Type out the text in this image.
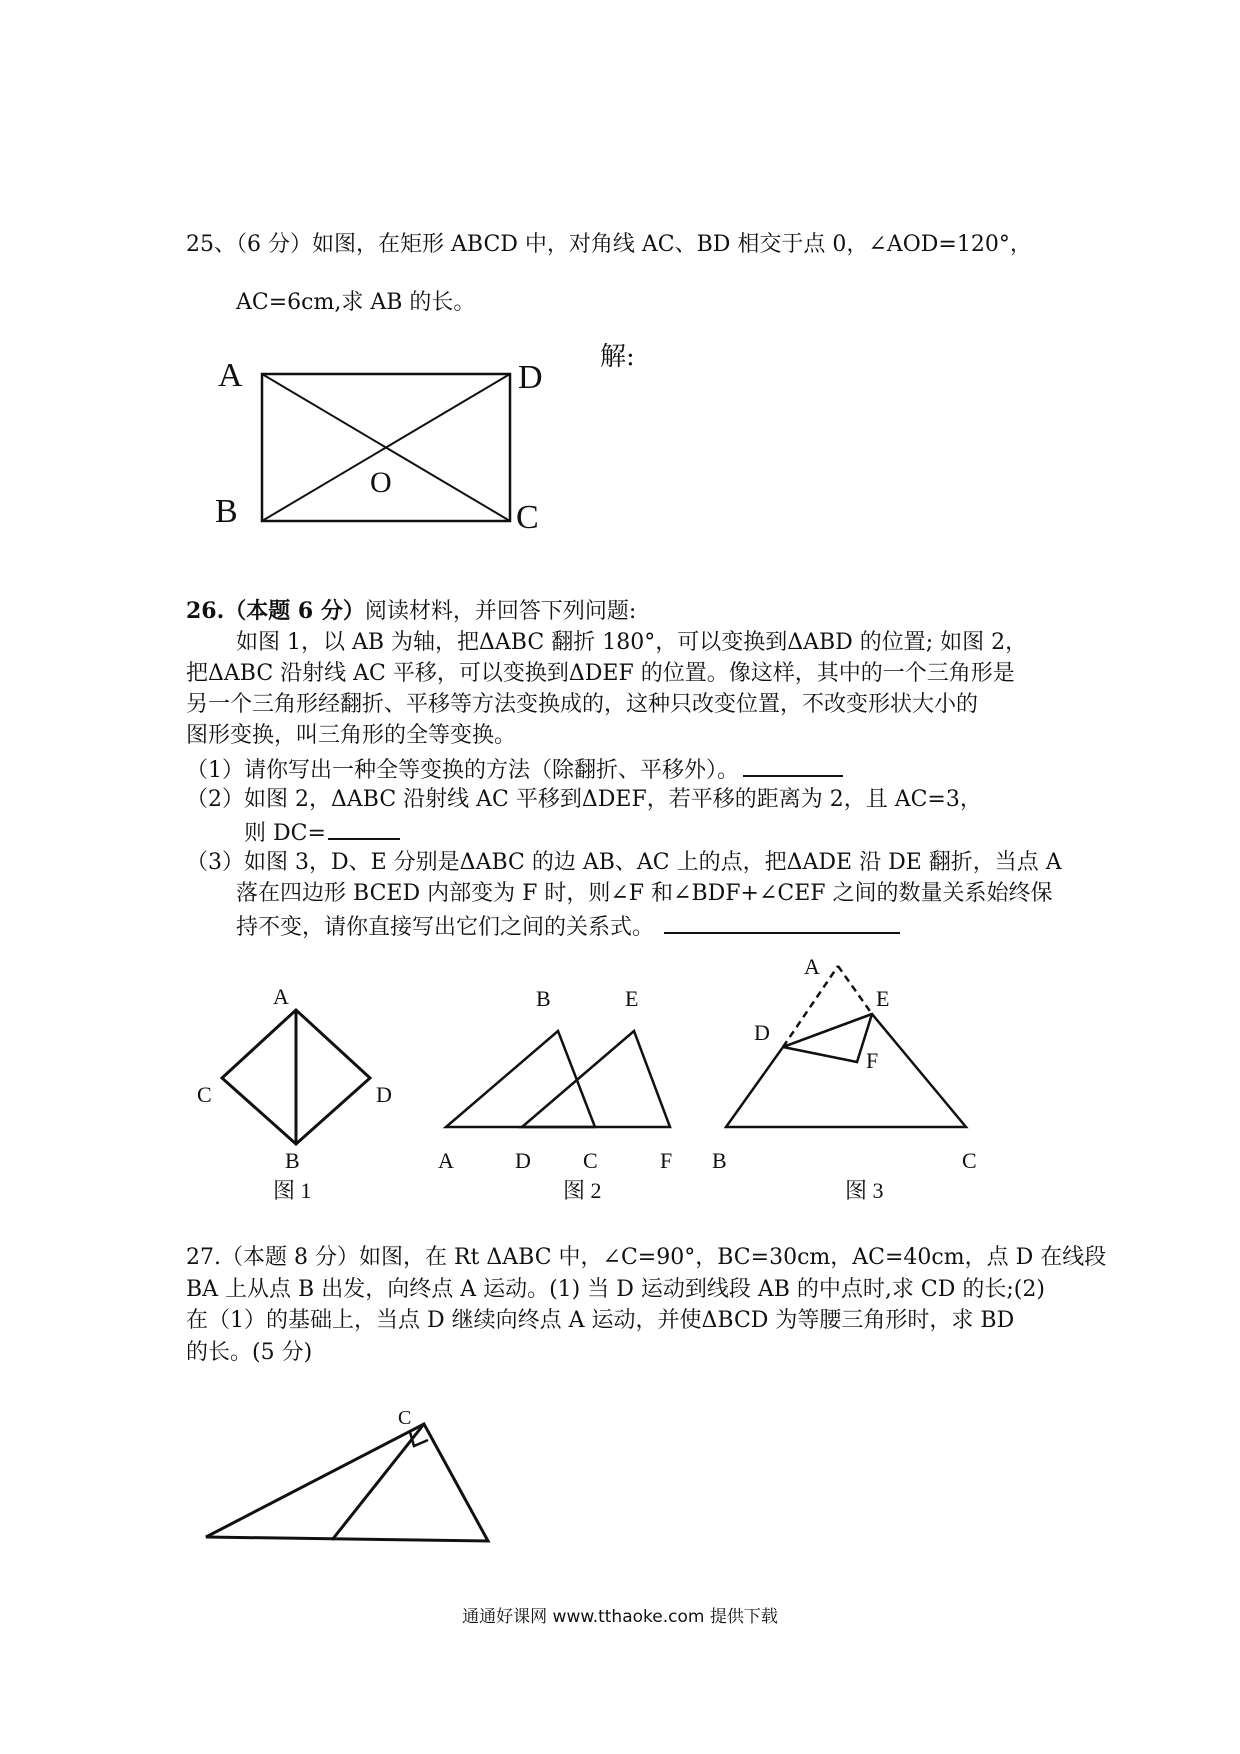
25、（6 分）如图，在矩形 ABCD 中，对角线 AC、BD 相交于点 0，∠AOD=120°，
AC=6cm,求 AB 的长。
解:
A	D
B	C
O
26.（本题 6 分）阅读材料，并回答下列问题:
如图 1，以 AB 为轴，把ΔABC 翻折 180°，可以变换到ΔABD 的位置; 如图 2，
把ΔABC 沿射线 AC 平移，可以变换到ΔDEF 的位置。像这样，其中的一个三角形是
另一个三角形经翻折、平移等方法变换成的，这种只改变位置，不改变形状大小的
图形变换，叫三角形的全等变换。
（1）请你写出一种全等变换的方法（除翻折、平移外）。
（2）如图 2，ΔABC 沿射线 AC 平移到ΔDEF，若平移的距离为 2，且 AC=3，
则 DC=
（3）如图 3，D、E 分别是ΔABC 的边 AB、AC 上的点，把ΔADE 沿 DE 翻折，当点 A
落在四边形 BCED 内部变为 F 时，则∠F 和∠BDF+∠CEF 之间的数量关系始终保
持不变，请你直接写出它们之间的关系式。
A
C	D
B
图 1
B	E
A	D C	F
图 2
A
E
D
F
B	C
图 3
27.（本题 8 分）如图，在 Rt ΔABC 中，∠C=90°，BC=30cm，AC=40cm，点 D 在线段
BA 上从点 B 出发，向终点 A 运动。(1) 当 D 运动到线段 AB 的中点时,求 CD 的长;(2)
在（1）的基础上，当点 D 继续向终点 A 运动，并使ΔBCD 为等腰三角形时，求 BD
的长。(5 分)
C
通通好课网 www.tthaoke.com 提供下载
